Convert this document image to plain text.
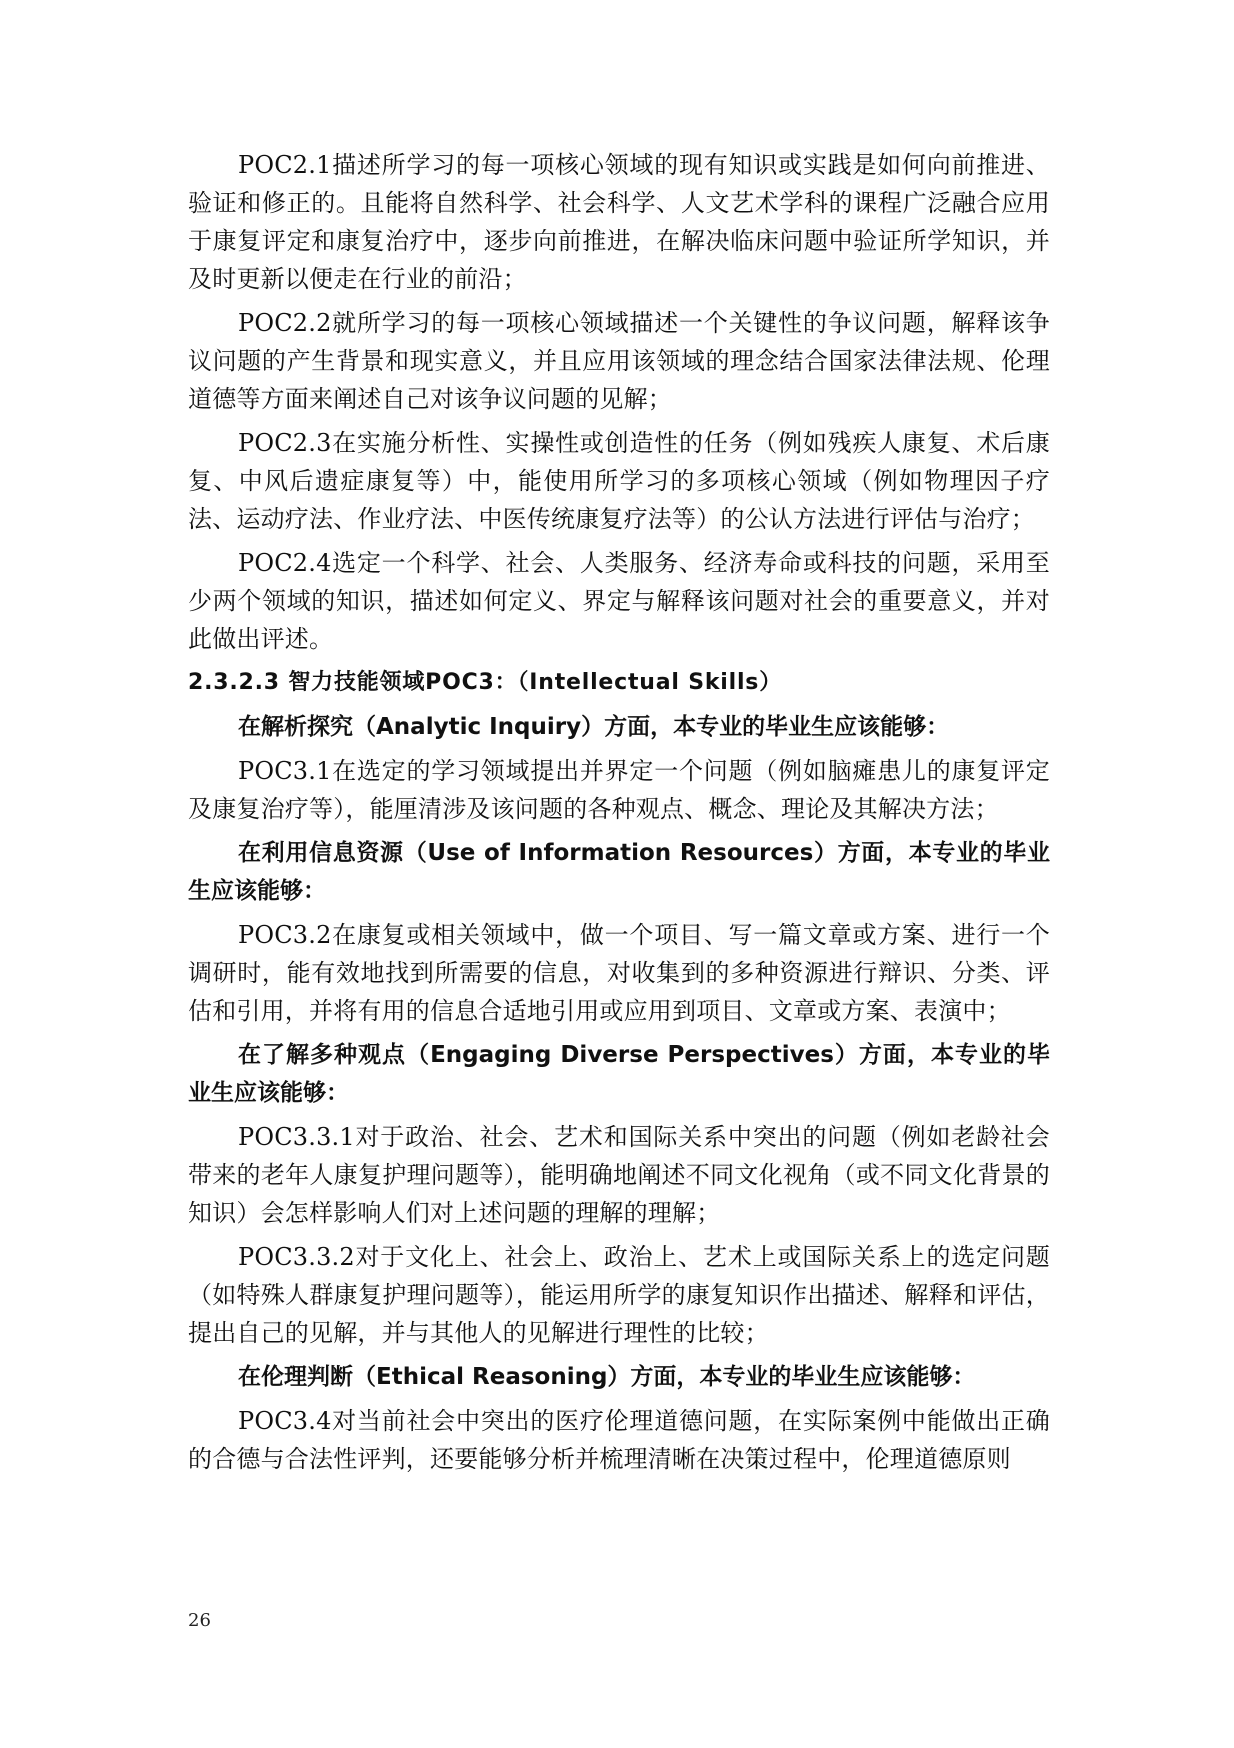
POC2.1描述所学习的每一项核心领域的现有知识或实践是如何向前推进、验证和修正的。且能将自然科学、社会科学、人文艺术学科的课程广泛融合应用于康复评定和康复治疗中，逐步向前推进，在解决临床问题中验证所学知识，并及时更新以便走在行业的前沿；

POC2.2就所学习的每一项核心领域描述一个关键性的争议问题，解释该争议问题的产生背景和现实意义，并且应用该领域的理念结合国家法律法规、伦理道德等方面来阐述自己对该争议问题的见解；

POC2.3在实施分析性、实操性或创造性的任务（例如残疾人康复、术后康复、中风后遗症康复等）中，能使用所学习的多项核心领域（例如物理因子疗法、运动疗法、作业疗法、中医传统康复疗法等）的公认方法进行评估与治疗；

POC2.4选定一个科学、社会、人类服务、经济寿命或科技的问题，采用至少两个领域的知识，描述如何定义、界定与解释该问题对社会的重要意义，并对此做出评述。

2.3.2.3 智力技能领域POC3：（Intellectual Skills）

在解析探究（Analytic Inquiry）方面，本专业的毕业生应该能够：

POC3.1在选定的学习领域提出并界定一个问题（例如脑瘫患儿的康复评定及康复治疗等），能厘清涉及该问题的各种观点、概念、理论及其解决方法；

在利用信息资源（Use of Information Resources）方面，本专业的毕业生应该能够：

POC3.2在康复或相关领域中，做一个项目、写一篇文章或方案、进行一个调研时，能有效地找到所需要的信息，对收集到的多种资源进行辩识、分类、评估和引用，并将有用的信息合适地引用或应用到项目、文章或方案、表演中；

在了解多种观点（Engaging Diverse Perspectives）方面，本专业的毕业生应该能够：

POC3.3.1对于政治、社会、艺术和国际关系中突出的问题（例如老龄社会带来的老年人康复护理问题等），能明确地阐述不同文化视角（或不同文化背景的知识）会怎样影响人们对上述问题的理解的理解；

POC3.3.2对于文化上、社会上、政治上、艺术上或国际关系上的选定问题（如特殊人群康复护理问题等），能运用所学的康复知识作出描述、解释和评估，提出自己的见解，并与其他人的见解进行理性的比较；

在伦理判断（Ethical Reasoning）方面，本专业的毕业生应该能够：

POC3.4对当前社会中突出的医疗伦理道德问题，在实际案例中能做出正确的合德与合法性评判，还要能够分析并梳理清晰在决策过程中，伦理道德原则

26
